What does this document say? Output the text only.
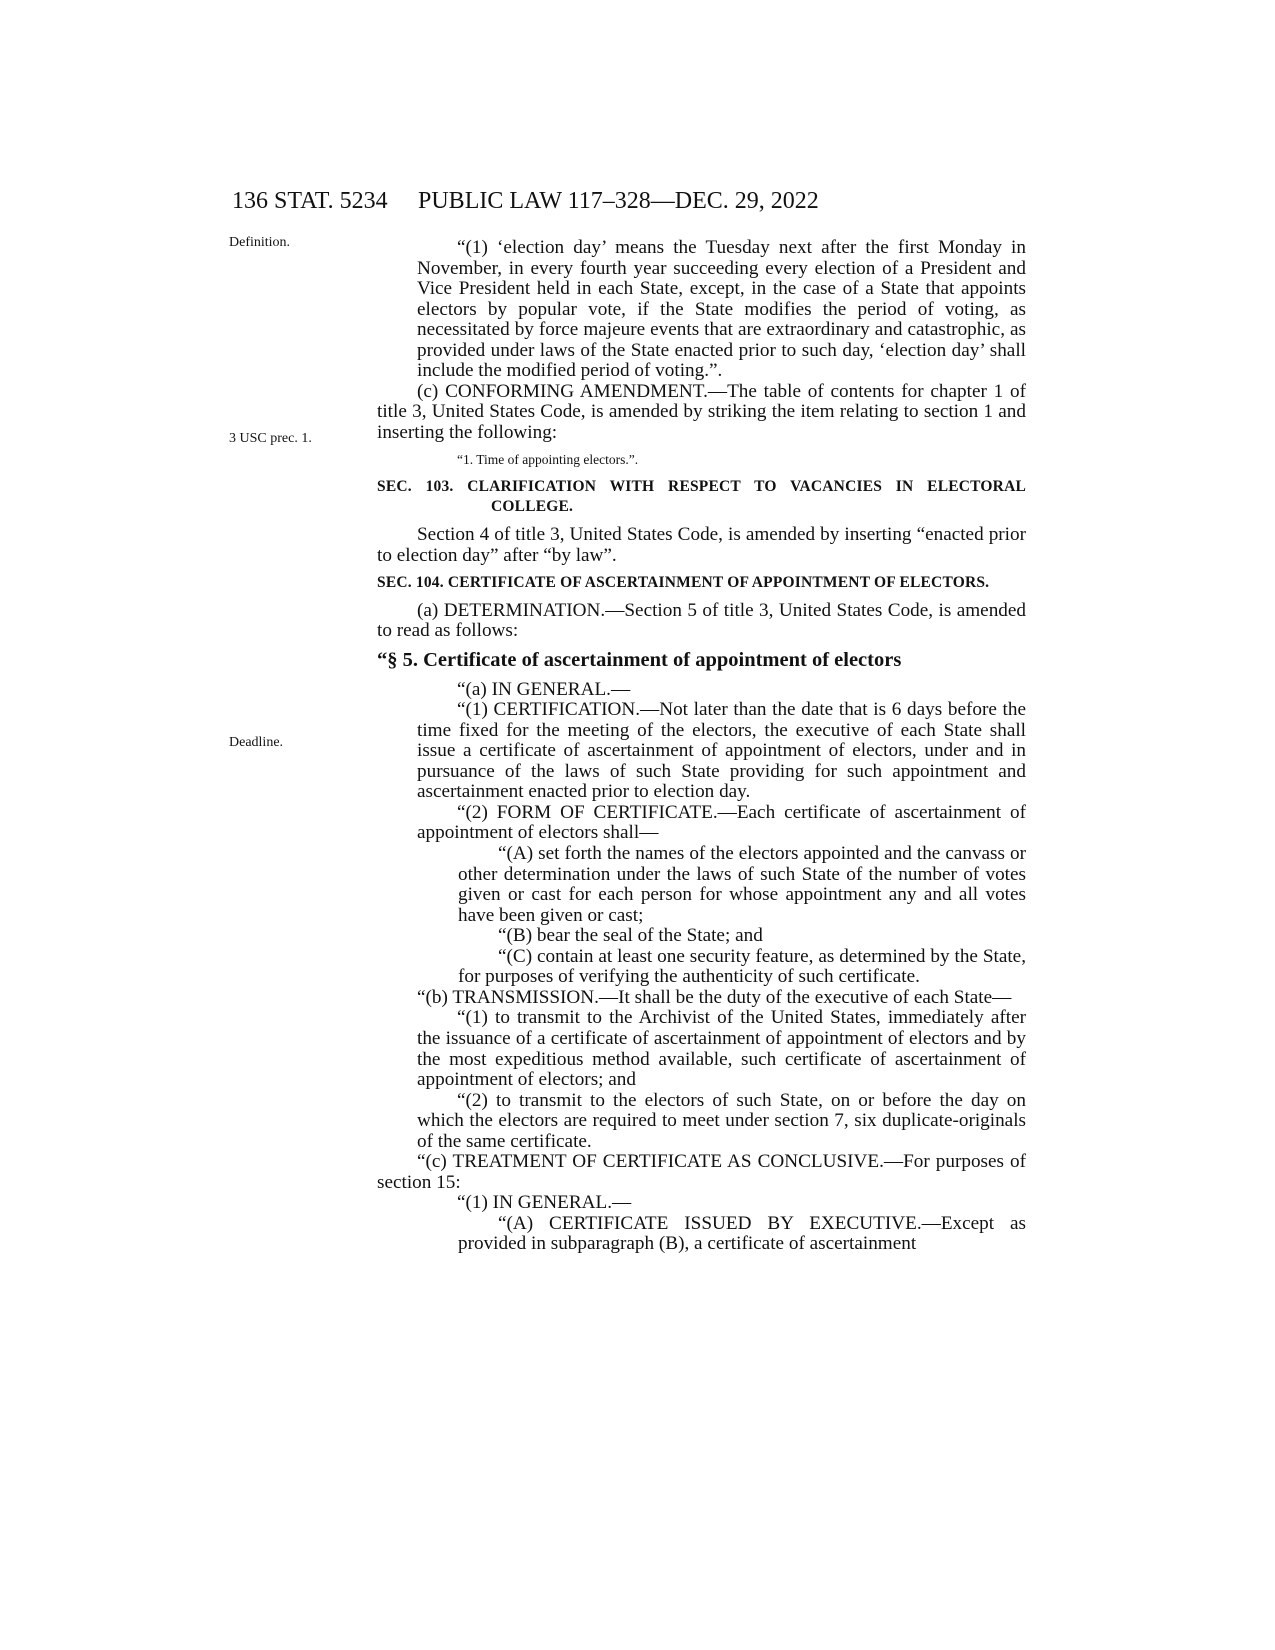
136 STAT. 5234 PUBLIC LAW 117–328—DEC. 29, 2022
Definition.
3 USC prec. 1.
Deadline.

“(1) ‘election day’ means the Tuesday next after the first Monday in November, in every fourth year succeeding every election of a President and Vice President held in each State, except, in the case of a State that appoints electors by popular vote, if the State modifies the period of voting, as necessitated by force majeure events that are extraordinary and catastrophic, as provided under laws of the State enacted prior to such day, ‘election day’ shall include the modified period of voting.”.

(c) CONFORMING AMENDMENT.—The table of contents for chapter 1 of title 3, United States Code, is amended by striking the item relating to section 1 and inserting the following:

“1. Time of appointing electors.”.

SEC. 103. CLARIFICATION WITH RESPECT TO VACANCIES IN ELECTORAL COLLEGE.

Section 4 of title 3, United States Code, is amended by inserting “enacted prior to election day” after “by law”.

SEC. 104. CERTIFICATE OF ASCERTAINMENT OF APPOINTMENT OF ELECTORS.

(a) DETERMINATION.—Section 5 of title 3, United States Code, is amended to read as follows:

“§ 5. Certificate of ascertainment of appointment of electors

“(a) IN GENERAL.—

“(1) CERTIFICATION.—Not later than the date that is 6 days before the time fixed for the meeting of the electors, the executive of each State shall issue a certificate of ascertainment of appointment of electors, under and in pursuance of the laws of such State providing for such appointment and ascertainment enacted prior to election day.

“(2) FORM OF CERTIFICATE.—Each certificate of ascertainment of appointment of electors shall—

“(A) set forth the names of the electors appointed and the canvass or other determination under the laws of such State of the number of votes given or cast for each person for whose appointment any and all votes have been given or cast;

“(B) bear the seal of the State; and

“(C) contain at least one security feature, as determined by the State, for purposes of verifying the authenticity of such certificate.

“(b) TRANSMISSION.—It shall be the duty of the executive of each State—

“(1) to transmit to the Archivist of the United States, immediately after the issuance of a certificate of ascertainment of appointment of electors and by the most expeditious method available, such certificate of ascertainment of appointment of electors; and

“(2) to transmit to the electors of such State, on or before the day on which the electors are required to meet under section 7, six duplicate-originals of the same certificate.

“(c) TREATMENT OF CERTIFICATE AS CONCLUSIVE.—For purposes of section 15:

“(1) IN GENERAL.—

“(A) CERTIFICATE ISSUED BY EXECUTIVE.—Except as provided in subparagraph (B), a certificate of ascertainment
